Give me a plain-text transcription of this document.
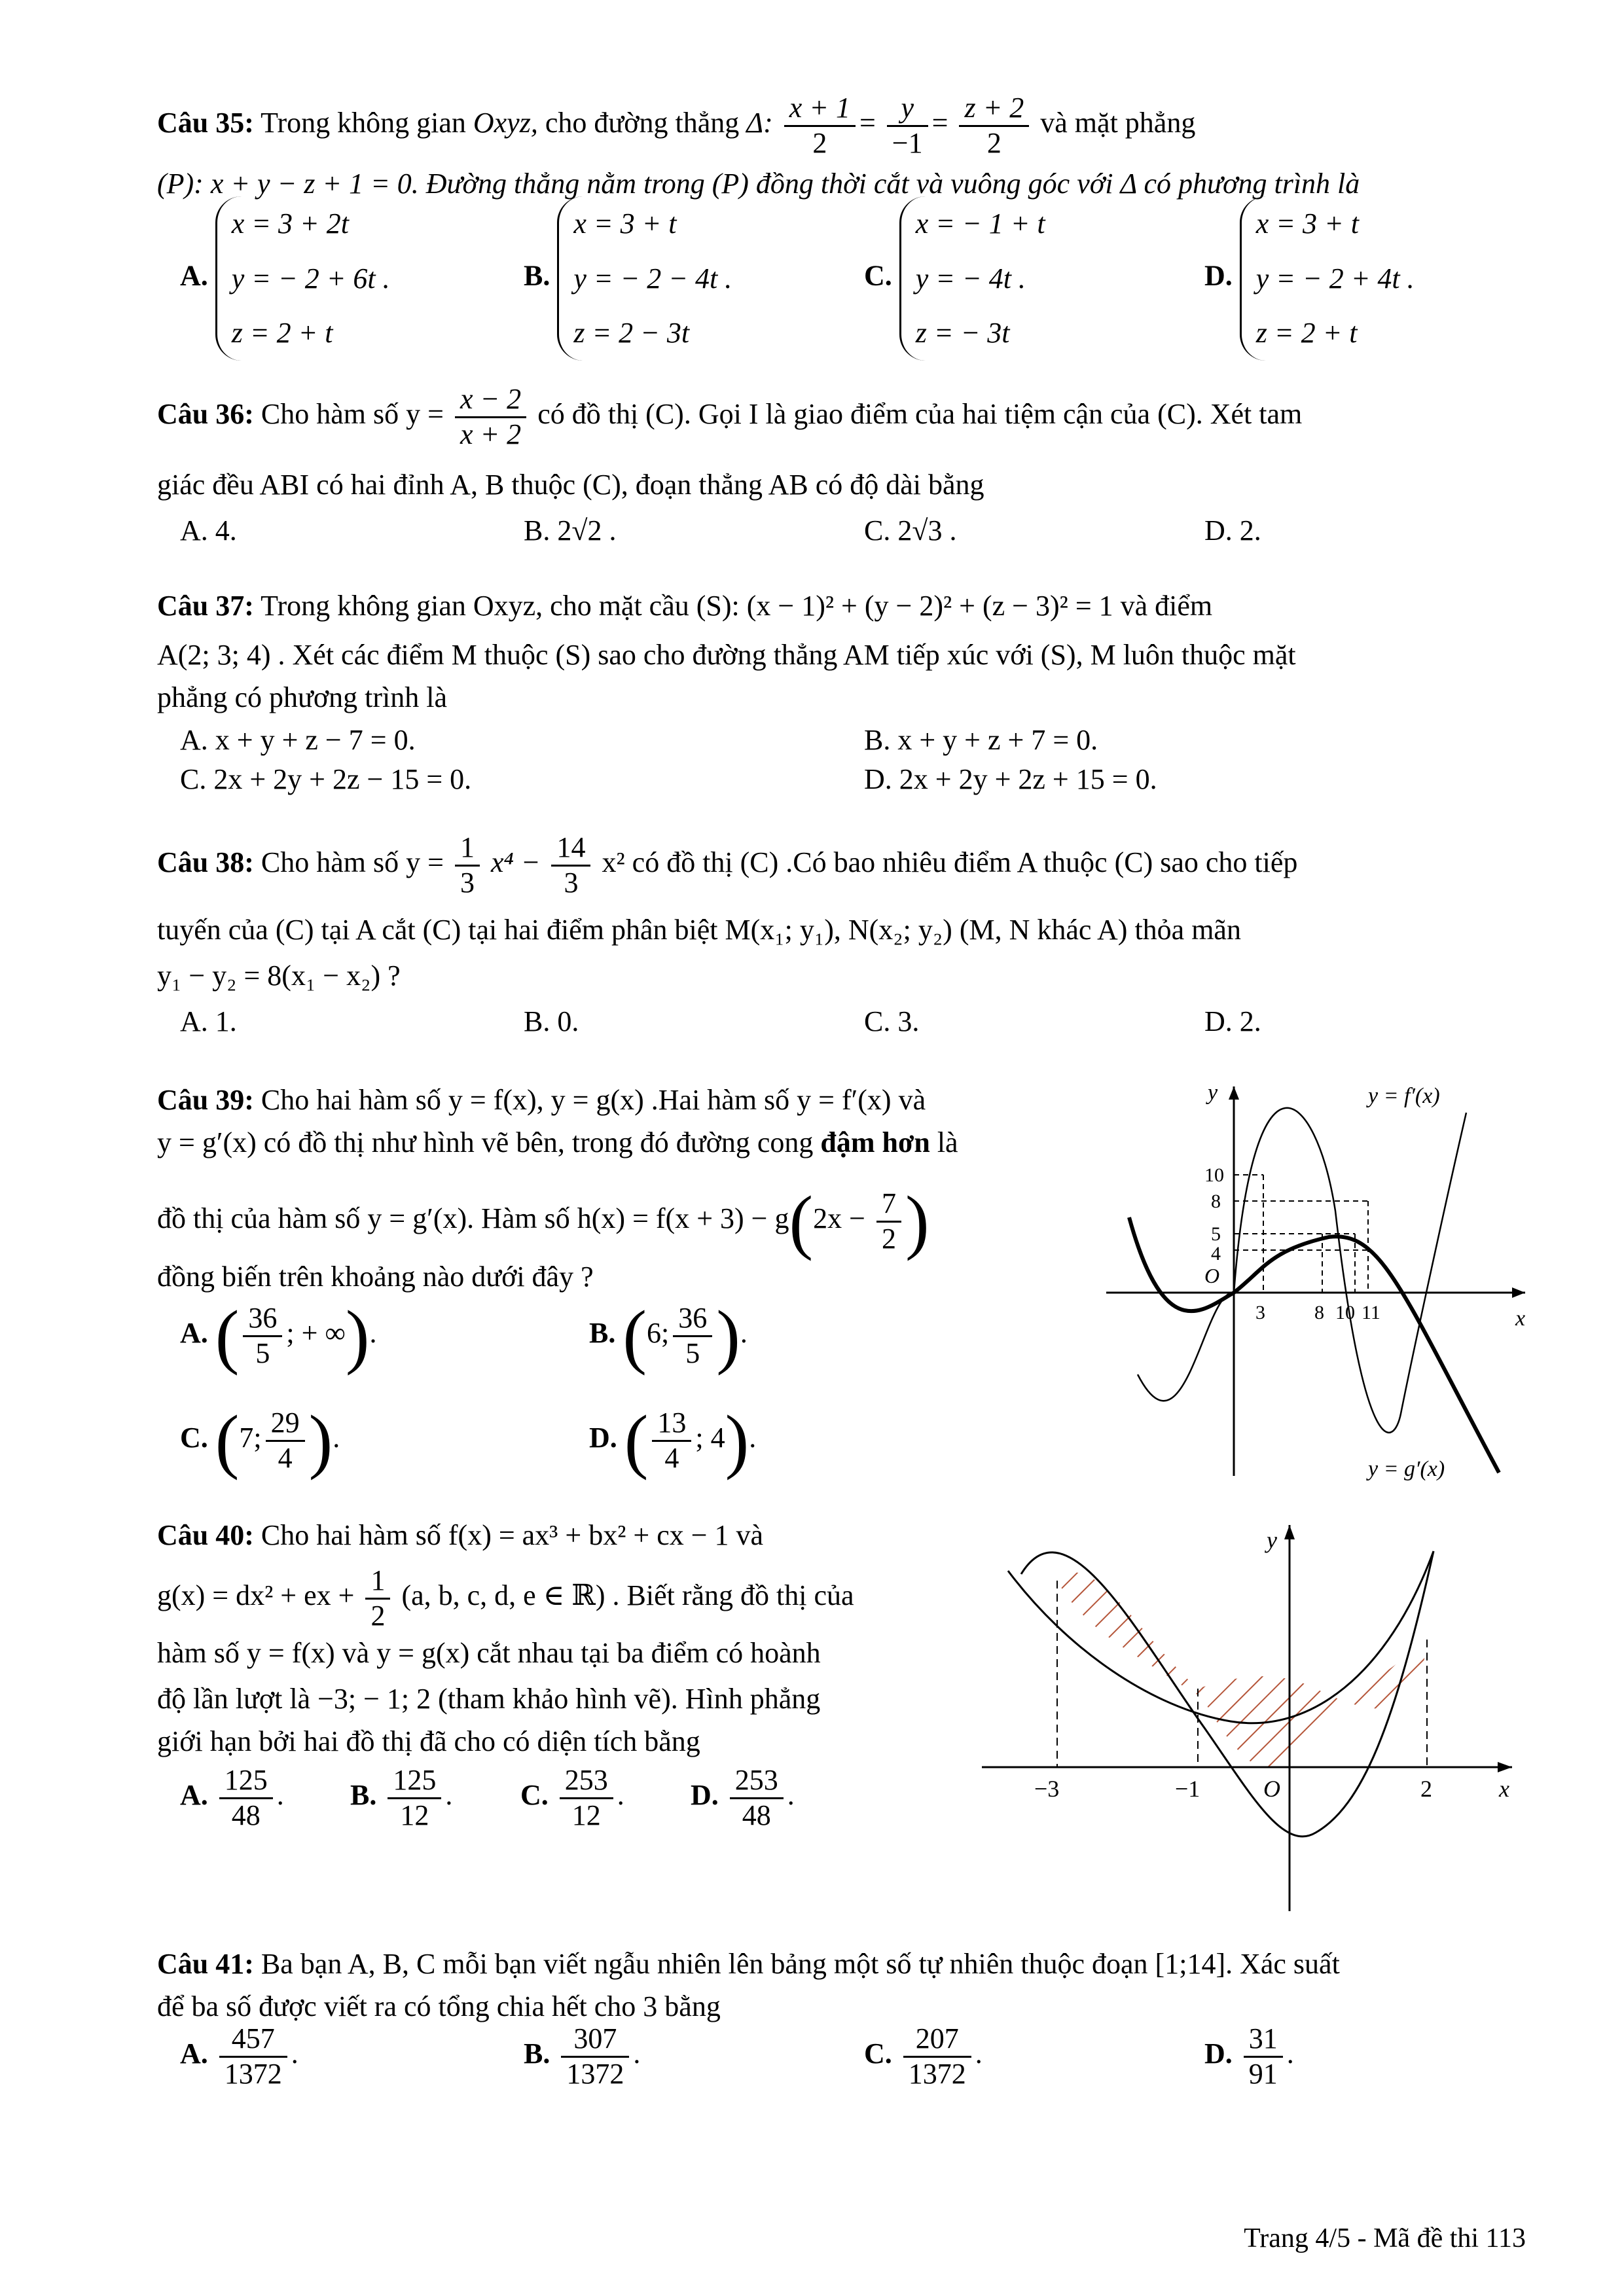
Câu 35: Trong không gian Oxyz, cho đường thẳng Δ: $\frac{x + 1}{2} = \frac{y}{-1} = \frac{z + 2}{2}$ và mặt phẳng
(P): x + y − z + 1 = 0. Đường thẳng nằm trong (P) đồng thời cắt và vuông góc với Δ có phương trình là
A. x = 3 + 2t
y = − 2 + 6t .
z = 2 + t
B. x = 3 + t
y = − 2 − 4t .
z = 2 − 3t
C. x = − 1 + t
y = − 4t .
z = − 3t
D. x = 3 + t
y = − 2 + 4t .
z = 2 + t
Câu 36: Cho hàm số $y = \frac{x - 2}{x + 2}$ có đồ thị (C). Gọi I là giao điểm của hai tiệm cận của (C). Xét tam
giác đều ABI có hai đỉnh A, B thuộc (C), đoạn thẳng AB có độ dài bằng
A. 4.	B. 2√2 .	C. 2√3 .	D. 2.
Câu 37: Trong không gian Oxyz, cho mặt cầu (S): (x − 1)² + (y − 2)² + (z − 3)² = 1 và điểm
A(2; 3; 4) . Xét các điểm M thuộc (S) sao cho đường thẳng AM tiếp xúc với (S), M luôn thuộc mặt
phẳng có phương trình là
A. x + y + z − 7 = 0.	B. x + y + z + 7 = 0.
C. 2x + 2y + 2z − 15 = 0.	D. 2x + 2y + 2z + 15 = 0.
Câu 38: Cho hàm số $y = \frac{1}{3} x^4 - \frac{14}{3} x^2$ có đồ thị (C) .Có bao nhiêu điểm A thuộc (C) sao cho tiếp
tuyến của (C) tại A cắt (C) tại hai điểm phân biệt M(x₁; y₁), N(x₂; y₂) (M, N khác A) thỏa mãn
y₁ − y₂ = 8(x₁ − x₂) ?
A. 1.	B. 0.	C. 3.	D. 2.
Câu 39: Cho hai hàm số y = f(x), y = g(x) .Hai hàm số y = f′(x) và
y = g′(x) có đồ thị như hình vẽ bên, trong đó đường cong đậm hơn là
đồ thị của hàm số y = g′(x). Hàm số $h(x) = f(x + 3) - g(2x - \frac{7}{2}$ )
đồng biến trên khoảng nào dưới đây ?
A. ( $\frac{36}{5}$ ; + ∞).	B. (6; $\frac{36}{5}$ ).
C. (7; $\frac{29}{4}$ ).	D. ( $\frac{13}{4}$ ; 4).
y
x
O
10
8
5
4
3	8 10 11
y = f′(x)
y = g′(x)
Câu 40: Cho hai hàm số f(x) = ax³ + bx² + cx − 1 và
g(x) = dx² + ex + $\frac{1}{2} (a$, b, c, d, e ∈ ℝ) . Biết rằng đồ thị của
hàm số y = f(x) và y = g(x) cắt nhau tại ba điểm có hoành
độ lần lượt là −3; − 1; 2 (tham khảo hình vẽ). Hình phẳng
giới hạn bởi hai đồ thị đã cho có diện tích bằng
A. $\frac{125}{48}$ . B. $\frac{125}{12}$ . C. $\frac{253}{12}$ . D. $\frac{253}{48}$ .
y
x
O
−3	−1	2
Câu 41: Ba bạn A, B, C mỗi bạn viết ngẫu nhiên lên bảng một số tự nhiên thuộc đoạn [1;14]. Xác suất
để ba số được viết ra có tổng chia hết cho 3 bằng
A. $\frac{457}{1372}$ .	B. $\frac{307}{1372}$ .	C. $\frac{207}{1372}$ .	D. $\frac{31}{91}$ .
Trang 4/5 - Mã đề thi 113
